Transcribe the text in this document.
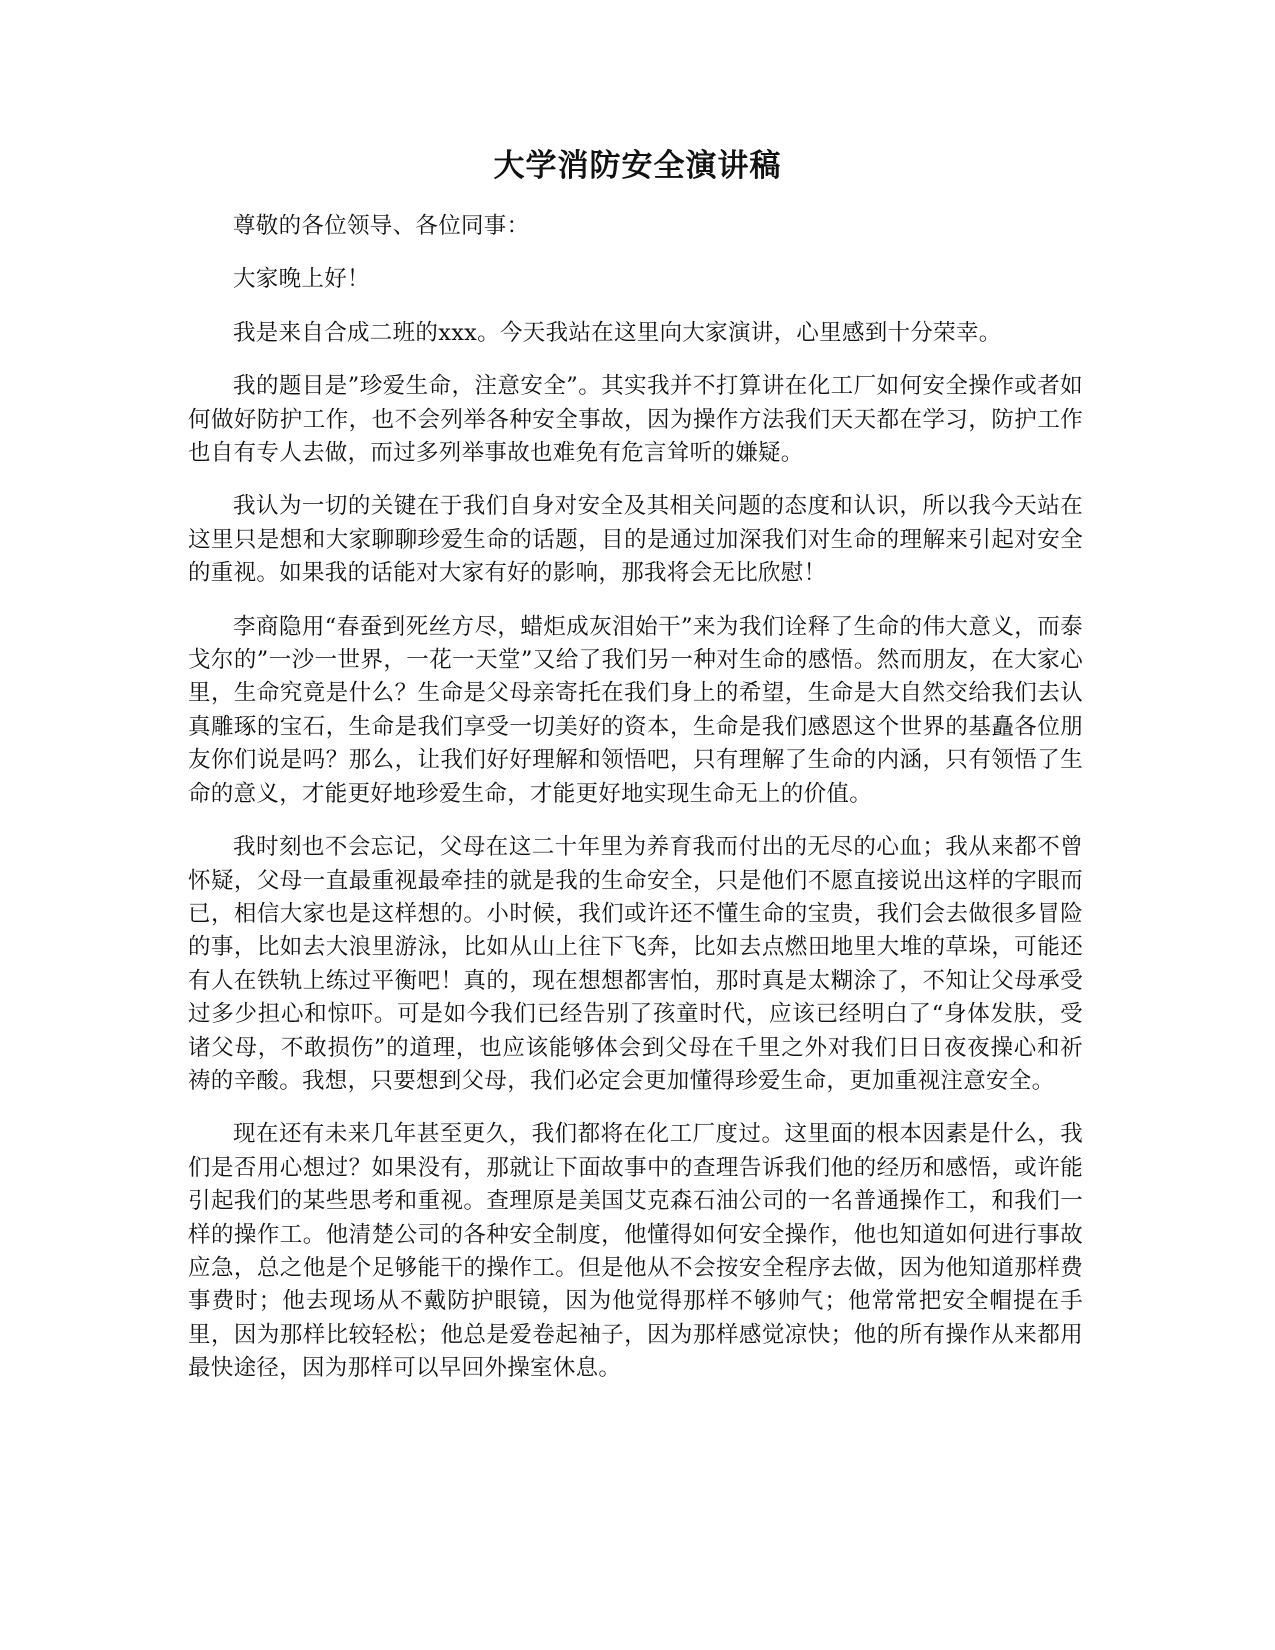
大学消防安全演讲稿

尊敬的各位领导、各位同事：

大家晚上好！

我是来自合成二班的xxx。今天我站在这里向大家演讲，心里感到十分荣幸。

我的题目是”珍爱生命，注意安全”。其实我并不打算讲在化工厂如何安全操作或者如何做好防护工作，也不会列举各种安全事故，因为操作方法我们天天都在学习，防护工作也自有专人去做，而过多列举事故也难免有危言耸听的嫌疑。

我认为一切的关键在于我们自身对安全及其相关问题的态度和认识，所以我今天站在这里只是想和大家聊聊珍爱生命的话题，目的是通过加深我们对生命的理解来引起对安全的重视。如果我的话能对大家有好的影响，那我将会无比欣慰！

李商隐用“春蚕到死丝方尽，蜡炬成灰泪始干”来为我们诠释了生命的伟大意义，而泰戈尔的”一沙一世界，一花一天堂”又给了我们另一种对生命的感悟。然而朋友，在大家心里，生命究竟是什么？生命是父母亲寄托在我们身上的希望，生命是大自然交给我们去认真雕琢的宝石，生命是我们享受一切美好的资本，生命是我们感恩这个世界的基矗各位朋友你们说是吗？那么，让我们好好理解和领悟吧，只有理解了生命的内涵，只有领悟了生命的意义，才能更好地珍爱生命，才能更好地实现生命无上的价值。

我时刻也不会忘记，父母在这二十年里为养育我而付出的无尽的心血；我从来都不曾怀疑，父母一直最重视最牵挂的就是我的生命安全，只是他们不愿直接说出这样的字眼而已，相信大家也是这样想的。小时候，我们或许还不懂生命的宝贵，我们会去做很多冒险的事，比如去大浪里游泳，比如从山上往下飞奔，比如去点燃田地里大堆的草垛，可能还有人在铁轨上练过平衡吧！真的，现在想想都害怕，那时真是太糊涂了，不知让父母承受过多少担心和惊吓。可是如今我们已经告别了孩童时代，应该已经明白了“身体发肤，受诸父母，不敢损伤”的道理，也应该能够体会到父母在千里之外对我们日日夜夜操心和祈祷的辛酸。我想，只要想到父母，我们必定会更加懂得珍爱生命，更加重视注意安全。

现在还有未来几年甚至更久，我们都将在化工厂度过。这里面的根本因素是什么，我们是否用心想过？如果没有，那就让下面故事中的查理告诉我们他的经历和感悟，或许能引起我们的某些思考和重视。查理原是美国艾克森石油公司的一名普通操作工，和我们一样的操作工。他清楚公司的各种安全制度，他懂得如何安全操作，他也知道如何进行事故应急，总之他是个足够能干的操作工。但是他从不会按安全程序去做，因为他知道那样费事费时；他去现场从不戴防护眼镜，因为他觉得那样不够帅气；他常常把安全帽提在手里，因为那样比较轻松；他总是爱卷起袖子，因为那样感觉凉快；他的所有操作从来都用最快途径，因为那样可以早回外操室休息。
